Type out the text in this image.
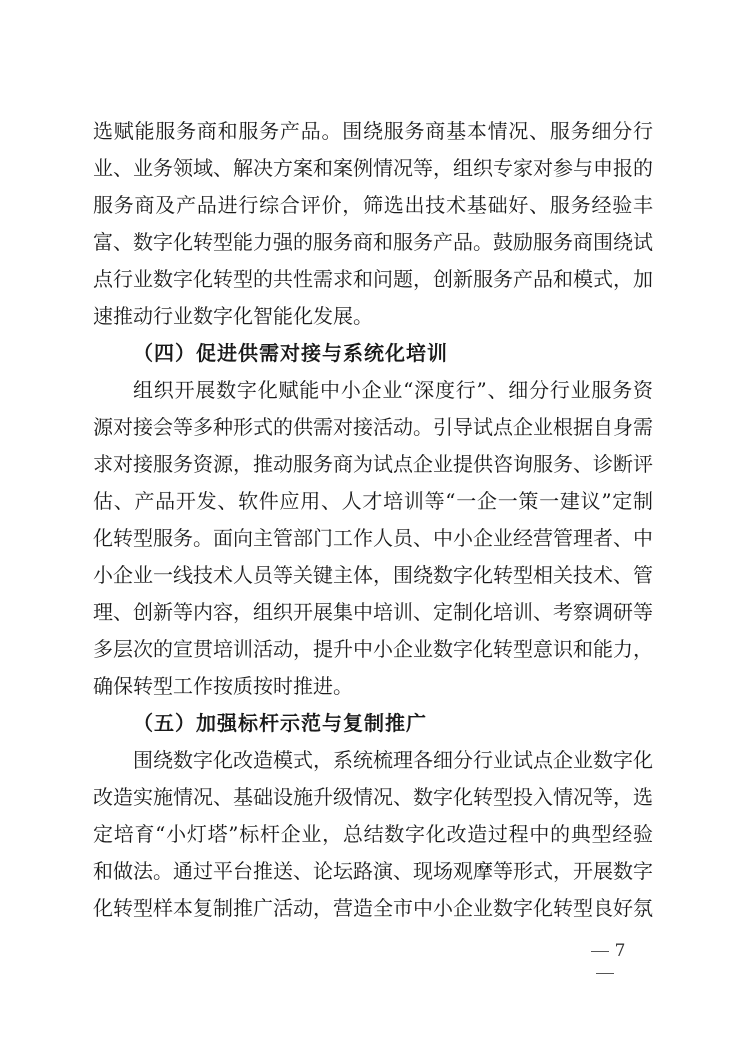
选赋能服务商和服务产品。围绕服务商基本情况、服务细分行
业、业务领域、解决方案和案例情况等，组织专家对参与申报的
服务商及产品进行综合评价，筛选出技术基础好、服务经验丰
富、数字化转型能力强的服务商和服务产品。鼓励服务商围绕试
点行业数字化转型的共性需求和问题，创新服务产品和模式，加
速推动行业数字化智能化发展。
（四）促进供需对接与系统化培训
组织开展数字化赋能中小企业“深度行”、细分行业服务资
源对接会等多种形式的供需对接活动。引导试点企业根据自身需
求对接服务资源，推动服务商为试点企业提供咨询服务、诊断评
估、产品开发、软件应用、人才培训等“一企一策一建议”定制
化转型服务。面向主管部门工作人员、中小企业经营管理者、中
小企业一线技术人员等关键主体，围绕数字化转型相关技术、管
理、创新等内容，组织开展集中培训、定制化培训、考察调研等
多层次的宣贯培训活动，提升中小企业数字化转型意识和能力，
确保转型工作按质按时推进。
（五）加强标杆示范与复制推广
围绕数字化改造模式，系统梳理各细分行业试点企业数字化
改造实施情况、基础设施升级情况、数字化转型投入情况等，选
定培育“小灯塔”标杆企业，总结数字化改造过程中的典型经验
和做法。通过平台推送、论坛路演、现场观摩等形式，开展数字
化转型样本复制推广活动，营造全市中小企业数字化转型良好氛
7
